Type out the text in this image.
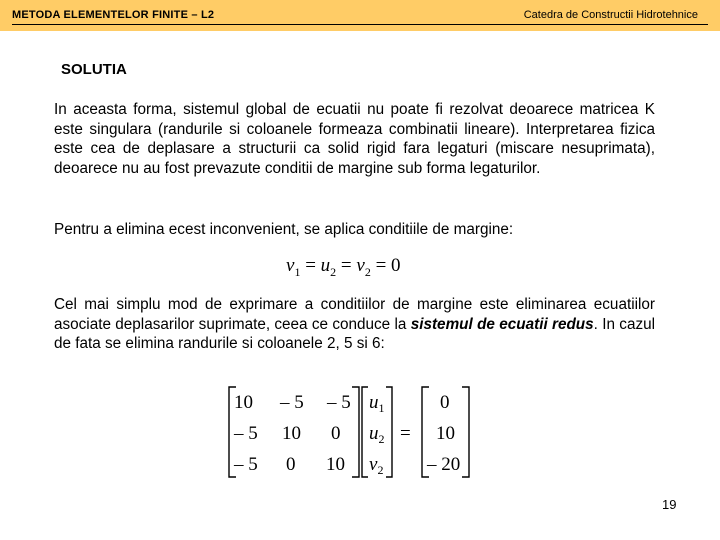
METODA ELEMENTELOR FINITE – L2	Catedra de Constructii Hidrotehnice
SOLUTIA

In aceasta forma, sistemul global de ecuatii nu poate fi rezolvat deoarece matricea K este singulara (randurile si coloanele formeaza combinatii lineare). Interpretarea fizica este cea de deplasare a structurii ca solid rigid fara legaturi (miscare nesuprimata), deoarece nu au fost prevazute conditii de margine sub forma legaturilor.

Pentru a elimina ecest inconvenient, se aplica conditiile de margine:

$v_1 = u_2 = v_2 = 0$

Cel mai simplu mod de exprimare a conditiilor de margine este eliminarea ecuatiilor asociate deplasarilor suprimate, ceea ce conduce la sistemul de ecuatii redus. In cazul de fata se elimina randurile si coloanele 2, 5 si 6:

10 – 5 – 5
– 5 10 0
– 5 0 10
$u_1$
$u_2$
$v_2$
=
0
10
– 20
19
